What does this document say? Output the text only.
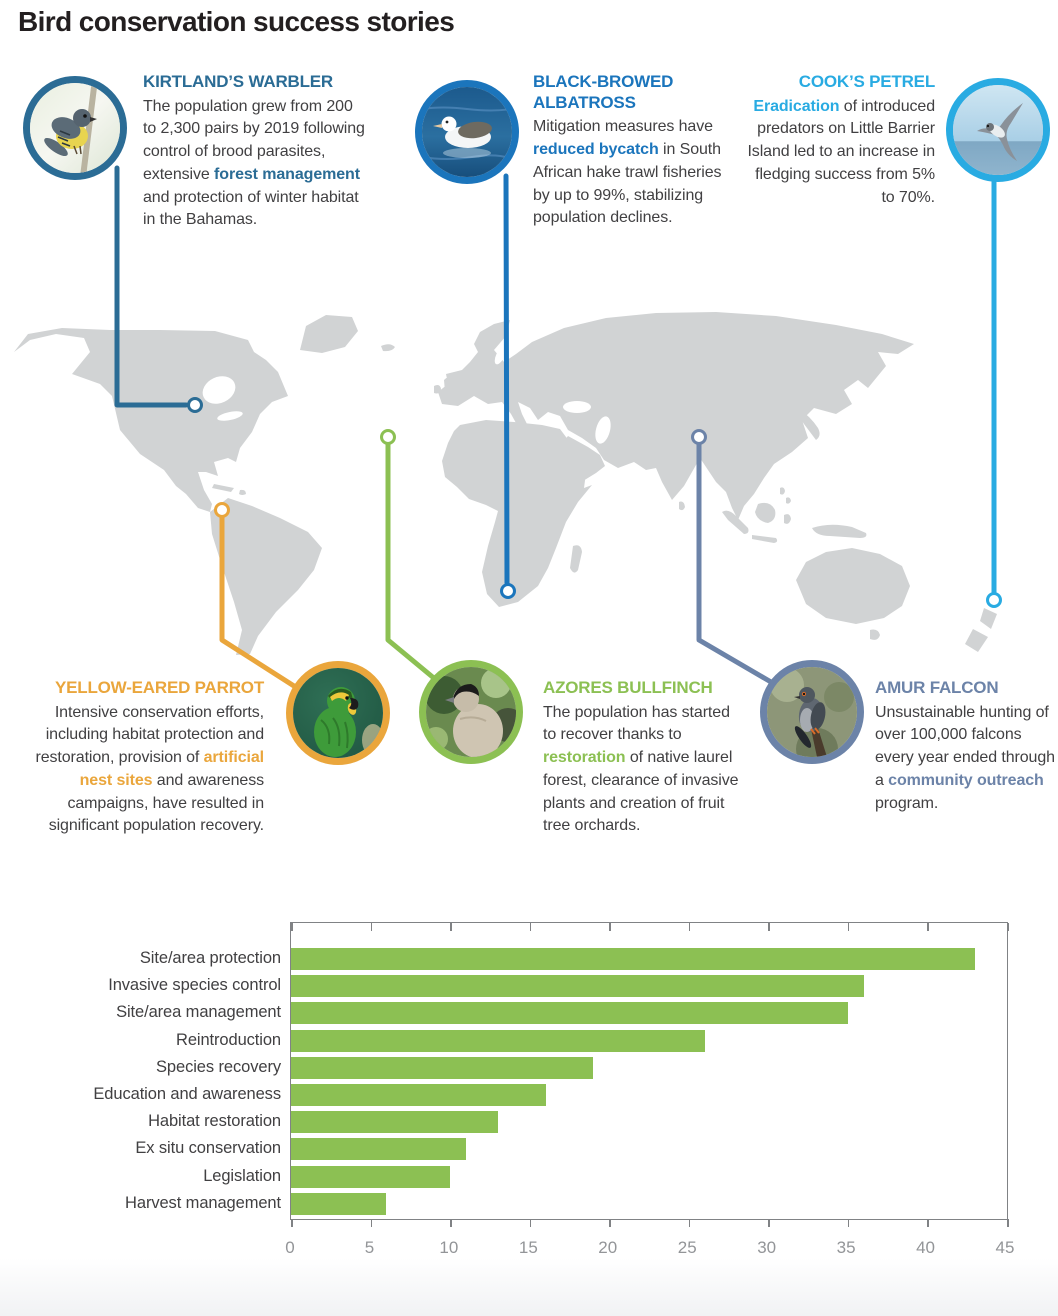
Bird conservation success stories
KIRTLAND’S WARBLER
The population grew from 200 to 2,300 pairs by 2019 following control of brood parasites, extensive forest management and protection of winter habitat in the Bahamas.
BLACK-BROWED ALBATROSS
Mitigation measures have reduced bycatch in South African hake trawl fisheries by up to 99%, stabilizing population declines.
COOK’S PETREL
Eradication of introduced predators on Little Barrier Island led to an increase in fledging success from 5% to 70%.
YELLOW-EARED PARROT
Intensive conservation efforts, including habitat protection and restoration, provision of artificial nest sites and awareness campaigns, have resulted in significant population recovery.
AZORES BULLFINCH
The population has started to recover thanks to restoration of native laurel forest, clearance of invasive plants and creation of fruit tree orchards.
AMUR FALCON
Unsustainable hunting of over 100,000 falcons every year ended through a community outreach program.
Site/area protection
Invasive species control
Site/area management
Reintroduction
Species recovery
Education and awareness
Habitat restoration
Ex situ conservation
Legislation
Harvest management
0	5	10	15	20	25	30	35	40	45
